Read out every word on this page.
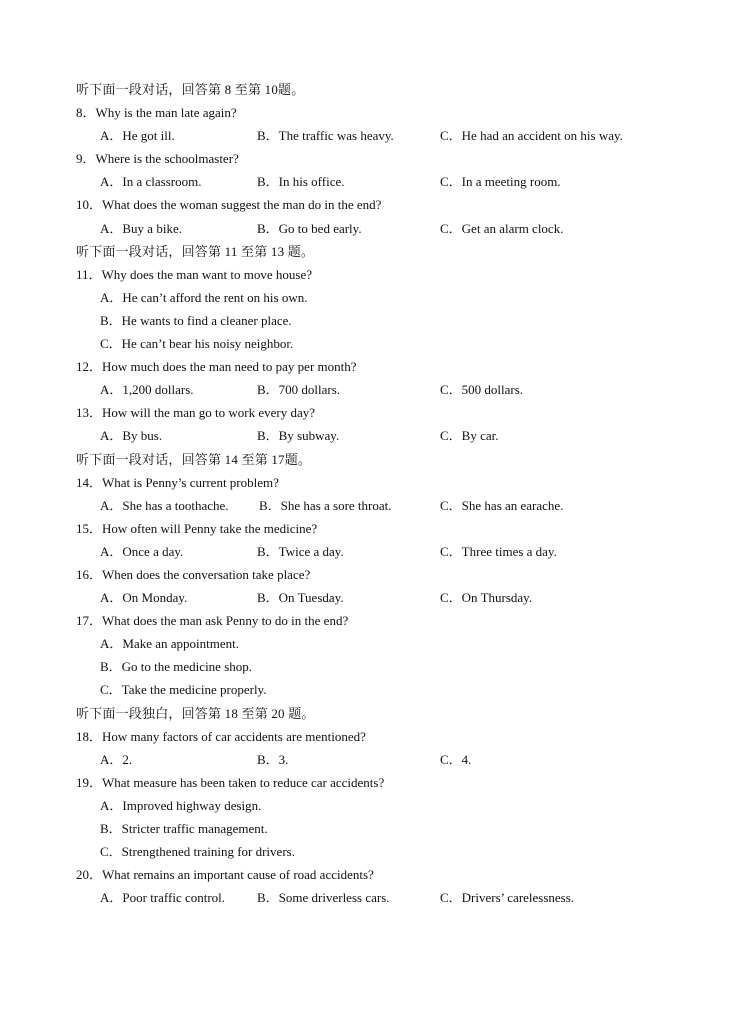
听下面一段对话，回答第 8 至第 10题。
8．Why is the man late again?
A．He got ill.	B．The traffic was heavy.	C．He had an accident on his way.
9．Where is the schoolmaster?
A．In a classroom.	B．In his office.	C．In a meeting room.
10．What does the woman suggest the man do in the end?
A．Buy a bike.	B．Go to bed early.	C．Get an alarm clock.
听下面一段对话，回答第 11 至第 13 题。
11．Why does the man want to move house?
A．He can’t afford the rent on his own.
B．He wants to find a cleaner place.
C．He can’t bear his noisy neighbor.
12．How much does the man need to pay per month?
A．1,200 dollars.	B．700 dollars.	C．500 dollars.
13．How will the man go to work every day?
A．By bus.	B．By subway.	C．By car.
听下面一段对话，回答第 14 至第 17题。
14．What is Penny’s current problem?
A．She has a toothache. B．She has a sore throat.	C．She has an earache.
15．How often will Penny take the medicine?
A．Once a day.	B．Twice a day.	C．Three times a day.
16．When does the conversation take place?
A．On Monday.	B．On Tuesday.	C．On Thursday.
17．What does the man ask Penny to do in the end?
A．Make an appointment.
B．Go to the medicine shop.
C．Take the medicine properly.
听下面一段独白，回答第 18 至第 20 题。
18．How many factors of car accidents are mentioned?
A．2.	B．3.	C．4.
19．What measure has been taken to reduce car accidents?
A．Improved highway design.
B．Stricter traffic management.
C．Strengthened training for drivers.
20．What remains an important cause of road accidents?
A．Poor traffic control. B．Some driverless cars.	C．Drivers’ carelessness.
